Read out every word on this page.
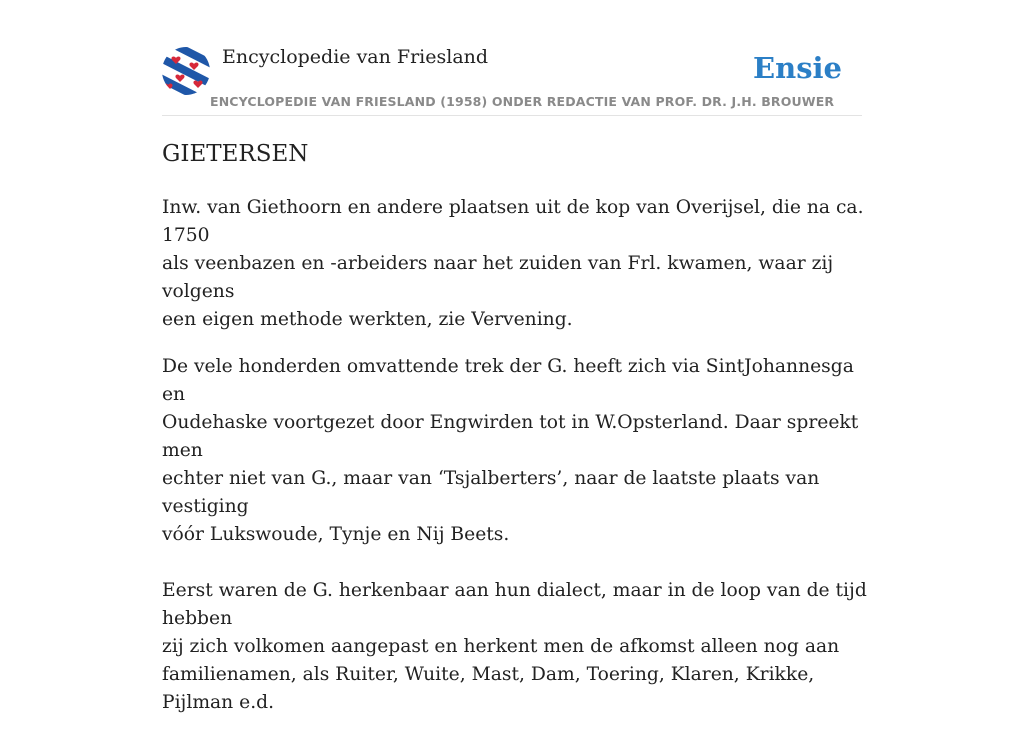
Encyclopedie van Friesland	Ensie
ENCYCLOPEDIE VAN FRIESLAND (1958) ONDER REDACTIE VAN PROF. DR. J.H. BROUWER
GIETERSEN

Inw. van Giethoorn en andere plaatsen uit de kop van Overijsel, die na ca. 1750
als veenbazen en -arbeiders naar het zuiden van Frl. kwamen, waar zij volgens
een eigen methode werkten, zie Vervening.

De vele honderden omvattende trek der G. heeft zich via SintJohannesga en
Oudehaske voortgezet door Engwirden tot in W.Opsterland. Daar spreekt men
echter niet van G., maar van ‘Tsjalberters’, naar de laatste plaats van vestiging
vóór Lukswoude, Tynje en Nij Beets.

Eerst waren de G. herkenbaar aan hun dialect, maar in de loop van de tijd hebben
zij zich volkomen aangepast en herkent men de afkomst alleen nog aan
familienamen, als Ruiter, Wuite, Mast, Dam, Toering, Klaren, Krikke, Pijlman e.d.
